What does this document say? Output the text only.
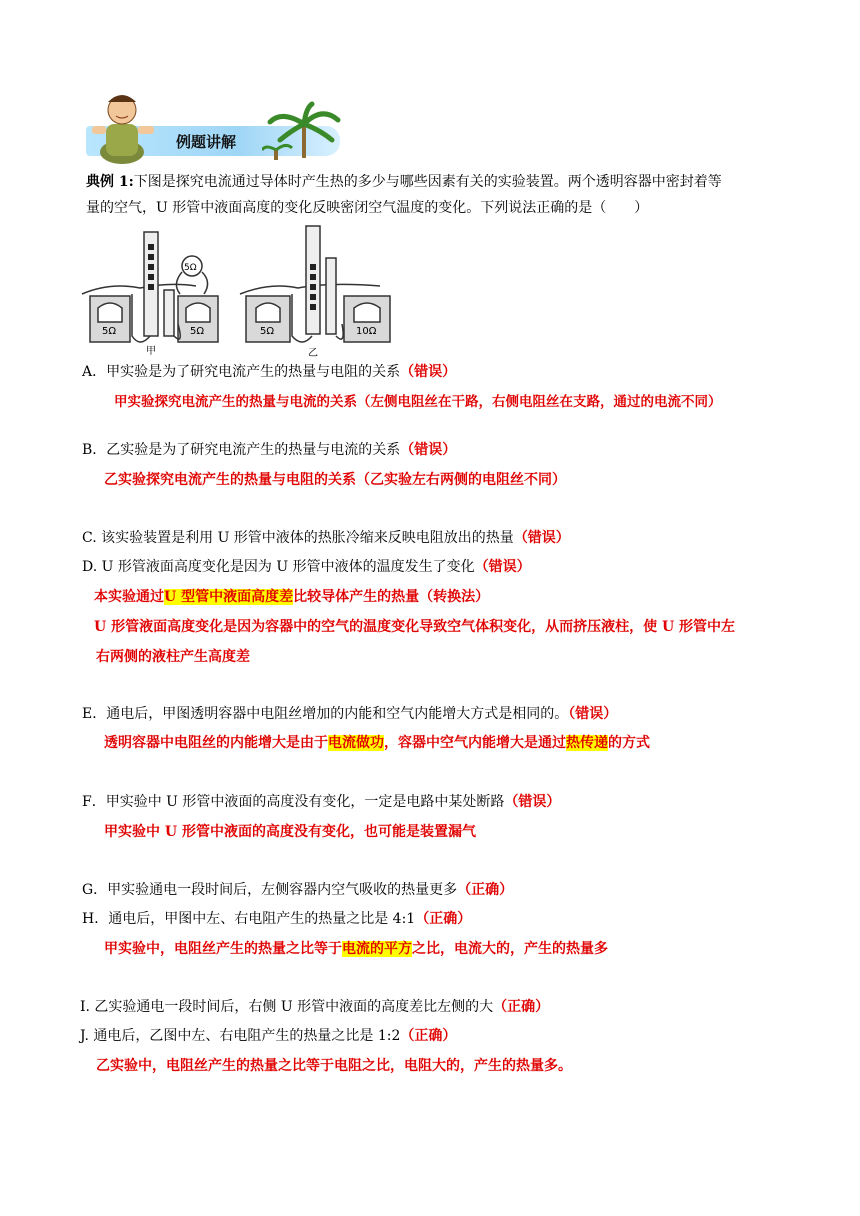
例题讲解
典例 1:下图是探究电流通过导体时产生热的多少与哪些因素有关的实验装置。两个透明容器中密封着等
量的空气，U 形管中液面高度的变化反映密闭空气温度的变化。下列说法正确的是（　　）
5Ω	5Ω
5Ω
甲
5Ω	10Ω
乙
A．甲实验是为了研究电流产生的热量与电阻的关系（错误）
甲实验探究电流产生的热量与电流的关系（左侧电阻丝在干路，右侧电阻丝在支路，通过的电流不同）
B．乙实验是为了研究电流产生的热量与电流的关系（错误）
乙实验探究电流产生的热量与电阻的关系（乙实验左右两侧的电阻丝不同）
C. 该实验装置是利用 U 形管中液体的热胀冷缩来反映电阻放出的热量（错误）
D. U 形管液面高度变化是因为 U 形管中液体的温度发生了变化（错误）
本实验通过U 型管中液面高度差比较导体产生的热量（转换法）
U 形管液面高度变化是因为容器中的空气的温度变化导致空气体积变化，从而挤压液柱，使 U 形管中左
右两侧的液柱产生高度差
E．通电后，甲图透明容器中电阻丝增加的内能和空气内能增大方式是相同的。（错误）
透明容器中电阻丝的内能增大是由于电流做功，容器中空气内能增大是通过热传递的方式
F．甲实验中 U 形管中液面的高度没有变化，一定是电路中某处断路（错误）
甲实验中 U 形管中液面的高度没有变化，也可能是装置漏气
G．甲实验通电一段时间后，左侧容器内空气吸收的热量更多（正确）
H．通电后，甲图中左、右电阻产生的热量之比是 4:1（正确）
甲实验中，电阻丝产生的热量之比等于电流的平方之比，电流大的，产生的热量多
I. 乙实验通电一段时间后，右侧 U 形管中液面的高度差比左侧的大（正确）
J. 通电后，乙图中左、右电阻产生的热量之比是 1:2（正确）
乙实验中，电阻丝产生的热量之比等于电阻之比，电阻大的，产生的热量多。
